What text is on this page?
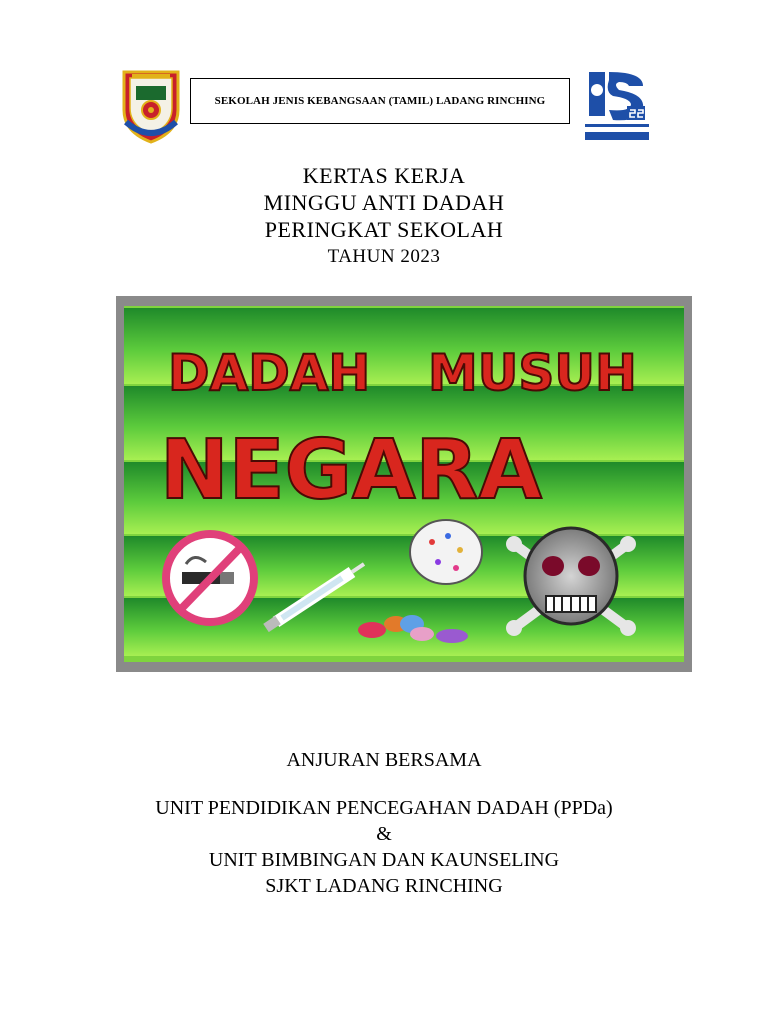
SEKOLAH JENIS KEBANGSAAN (TAMIL) LADANG RINCHING
KERTAS KERJA
MINGGU ANTI DADAH
PERINGKAT SEKOLAH
TAHUN 2023
DADAH MUSUH
NEGARA
ANJURAN BERSAMA
UNIT PENDIDIKAN PENCEGAHAN DADAH (PPDa)
&
UNIT BIMBINGAN DAN KAUNSELING
SJKT LADANG RINCHING
